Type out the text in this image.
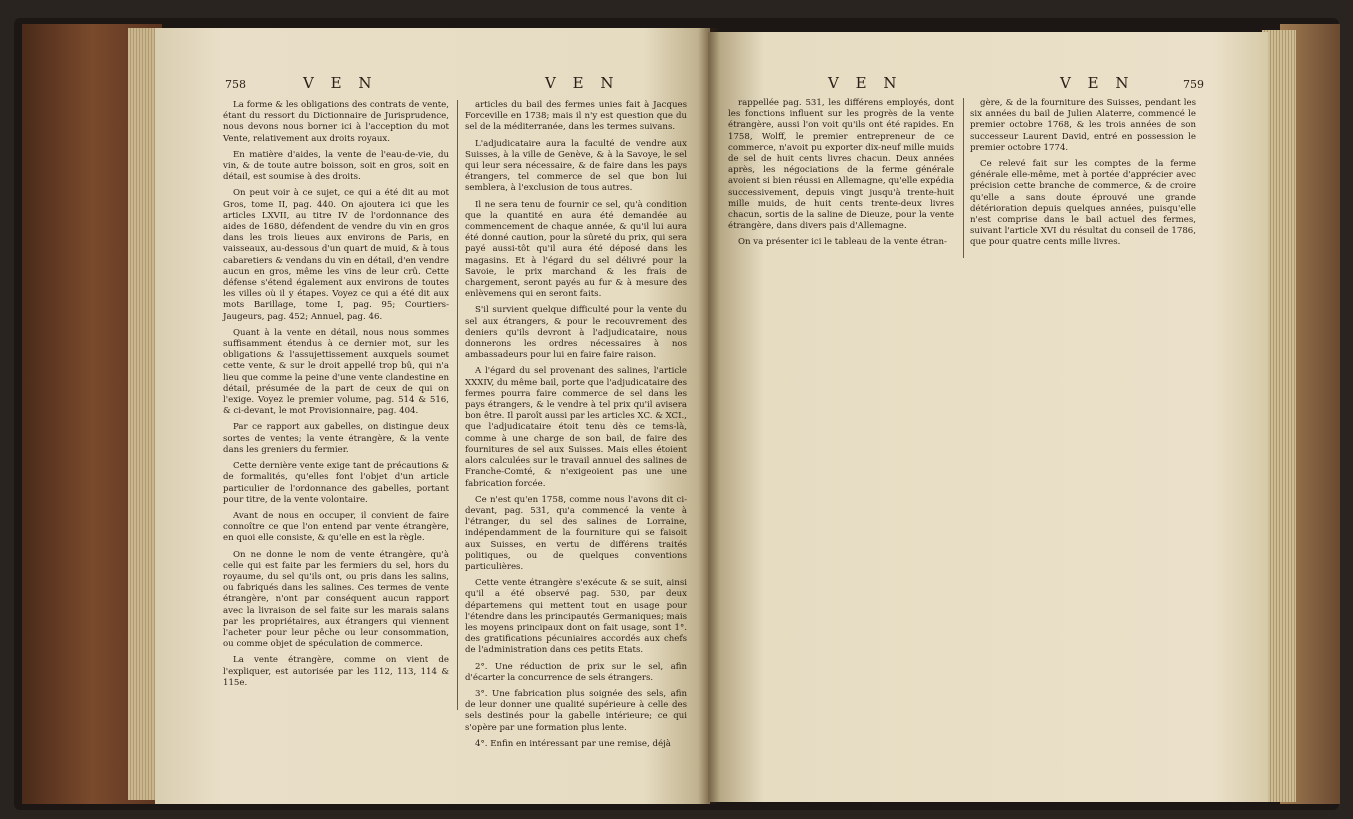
758	V E N	V E N

La forme & les obligations des contrats de vente, étant du ressort du Dictionnaire de Jurisprudence, nous devons nous borner ici à l'acception du mot Vente, relativement aux droits royaux.

En matière d'aides, la vente de l'eau-de-vie, du vin, & de toute autre boisson, soit en gros, soit en détail, est soumise à des droits.

On peut voir à ce sujet, ce qui a été dit au mot Gros, tome II, pag. 440. On ajoutera ici que les articles LXVII, au titre IV de l'ordonnance des aides de 1680, défendent de vendre du vin en gros dans les trois lieues aux environs de Paris, en vaisseaux, au-dessous d'un quart de muid, & à tous cabaretiers & vendans du vin en détail, d'en vendre aucun en gros, même les vins de leur crû. Cette défense s'étend également aux environs de toutes les villes où il y étapes. Voyez ce qui a été dit aux mots Barillage, tome I, pag. 95; Courtiers-Jaugeurs, pag. 452; Annuel, pag. 46.

Quant à la vente en détail, nous nous sommes suffisamment étendus à ce dernier mot, sur les obligations & l'assujettissement auxquels soumet cette vente, & sur le droit appellé trop bû, qui n'a lieu que comme la peine d'une vente clandestine en détail, présumée de la part de ceux de qui on l'exige. Voyez le premier volume, pag. 514 & 516, & ci-devant, le mot Provisionnaire, pag. 404.

Par ce rapport aux gabelles, on distingue deux sortes de ventes; la vente étrangère, & la vente dans les greniers du fermier.

Cette dernière vente exige tant de précautions & de formalités, qu'elles font l'objet d'un article particulier de l'ordonnance des gabelles, portant pour titre, de la vente volontaire.

Avant de nous en occuper, il convient de faire connoître ce que l'on entend par vente étrangère, en quoi elle consiste, & qu'elle en est la règle.

On ne donne le nom de vente étrangère, qu'à celle qui est faite par les fermiers du sel, hors du royaume, du sel qu'ils ont, ou pris dans les salins, ou fabriqués dans les salines. Ces termes de vente étrangère, n'ont par conséquent aucun rapport avec la livraison de sel faite sur les marais salans par les propriétaires, aux étrangers qui viennent l'acheter pour leur pêche ou leur consommation, ou comme objet de spéculation de commerce.

La vente étrangère, comme on vient de l'expliquer, est autorisée par les 112, 113, 114 & 115e.

articles du bail des fermes unies fait à Jacques Forceville en 1738; mais il n'y est question que du sel de la méditerranée, dans les termes suivans.

L'adjudicataire aura la faculté de vendre aux Suisses, à la ville de Genève, & à la Savoye, le sel qui leur sera nécessaire, & de faire dans les pays étrangers, tel commerce de sel que bon lui semblera, à l'exclusion de tous autres.

Il ne sera tenu de fournir ce sel, qu'à condition que la quantité en aura été demandée au commencement de chaque année, & qu'il lui aura été donné caution, pour la sûreté du prix, qui sera payé aussi-tôt qu'il aura été déposé dans les magasins. Et à l'égard du sel délivré pour la Savoie, le prix marchand & les frais de chargement, seront payés au fur & à mesure des enlèvemens qui en seront faits.

S'il survient quelque difficulté pour la vente du sel aux étrangers, & pour le recouvrement des deniers qu'ils devront à l'adjudicataire, nous donnerons les ordres nécessaires à nos ambassadeurs pour lui en faire faire raison.

A l'égard du sel provenant des salines, l'article XXXIV, du même bail, porte que l'adjudicataire des fermes pourra faire commerce de sel dans les pays étrangers, & le vendre à tel prix qu'il avisera bon être. Il paroît aussi par les articles XC. & XCI., que l'adjudicataire étoit tenu dès ce tems-là, comme à une charge de son bail, de faire des fournitures de sel aux Suisses. Mais elles étoient alors calculées sur le travail annuel des salines de Franche-Comté, & n'exigeoient pas une une fabrication forcée.

Ce n'est qu'en 1758, comme nous l'avons dit ci-devant, pag. 531, qu'a commencé la vente à l'étranger, du sel des salines de Lorraine, indépendamment de la fourniture qui se faisoit aux Suisses, en vertu de différens traités politiques, ou de quelques conventions particulières.

Cette vente étrangère s'exécute & se suit, ainsi qu'il a été observé pag. 530, par deux départemens qui mettent tout en usage pour l'étendre dans les principautés Germaniques; mais les moyens principaux dont on fait usage, sont 1°. des gratifications pécuniaires accordés aux chefs de l'administration dans ces petits Etats.

2°. Une réduction de prix sur le sel, afin d'écarter la concurrence de sels étrangers.

3°. Une fabrication plus soignée des sels, afin de leur donner une qualité supérieure à celle des sels destinés pour la gabelle intérieure; ce qui s'opère par une formation plus lente.

4°. Enfin en intéressant par une remise, déjà

V E N	V E N	759

rappellée pag. 531, les différens employés, dont les fonctions influent sur les progrès de la vente étrangère, aussi l'on voit qu'ils ont été rapides. En 1758, Wolff, le premier entrepreneur de ce commerce, n'avoit pu exporter dix-neuf mille muids de sel de huit cents livres chacun. Deux années après, les négociations de la ferme générale avoient si bien réussi en Allemagne, qu'elle expédia successivement, depuis vingt jusqu'à trente-huit mille muids, de huit cents trente-deux livres chacun, sortis de la saline de Dieuze, pour la vente étrangère, dans divers pais d'Allemagne.

On va présenter ici le tableau de la vente étran-

gère, & de la fourniture des Suisses, pendant les six années du bail de Julien Alaterre, commencé le premier octobre 1768, & les trois années de son successeur Laurent David, entré en possession le premier octobre 1774.

Ce relevé fait sur les comptes de la ferme générale elle-même, met à portée d'apprécier avec précision cette branche de commerce, & de croire qu'elle a sans doute éprouvé une grande détérioration depuis quelques années, puisqu'elle n'est comprise dans le bail actuel des fermes, suivant l'article XVI du résultat du conseil de 1786, que pour quatre cents mille livres.
